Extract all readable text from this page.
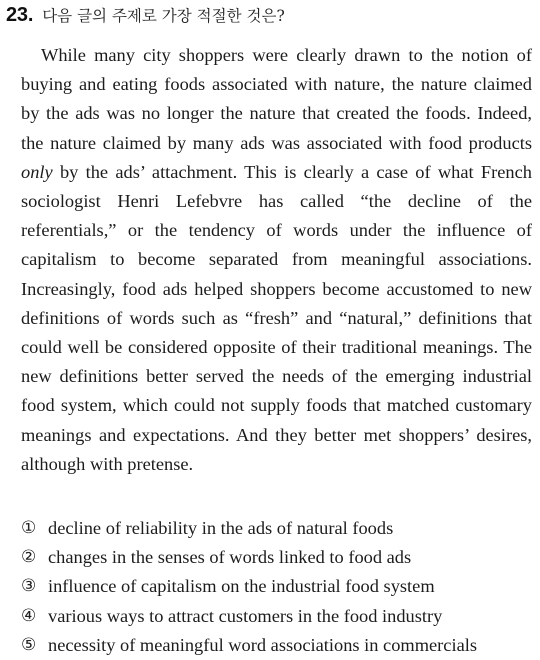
23. 다음 글의 주제로 가장 적절한 것은?

While many city shoppers were clearly drawn to the notion of buying and eating foods associated with nature, the nature claimed by the ads was no longer the nature that created the foods. Indeed, the nature claimed by many ads was associated with food products only by the ads’ attachment. This is clearly a case of what French sociologist Henri Lefebvre has called “the decline of the referentials,” or the tendency of words under the influence of capitalism to become separated from meaningful associations. Increasingly, food ads helped shoppers become accustomed to new definitions of words such as “fresh” and “natural,” definitions that could well be considered opposite of their traditional meanings. The new definitions better served the needs of the emerging industrial food system, which could not supply foods that matched customary meanings and expectations. And they better met shoppers’ desires, although with pretense.

① decline of reliability in the ads of natural foods
② changes in the senses of words linked to food ads
③ influence of capitalism on the industrial food system
④ various ways to attract customers in the food industry
⑤ necessity of meaningful word associations in commercials
